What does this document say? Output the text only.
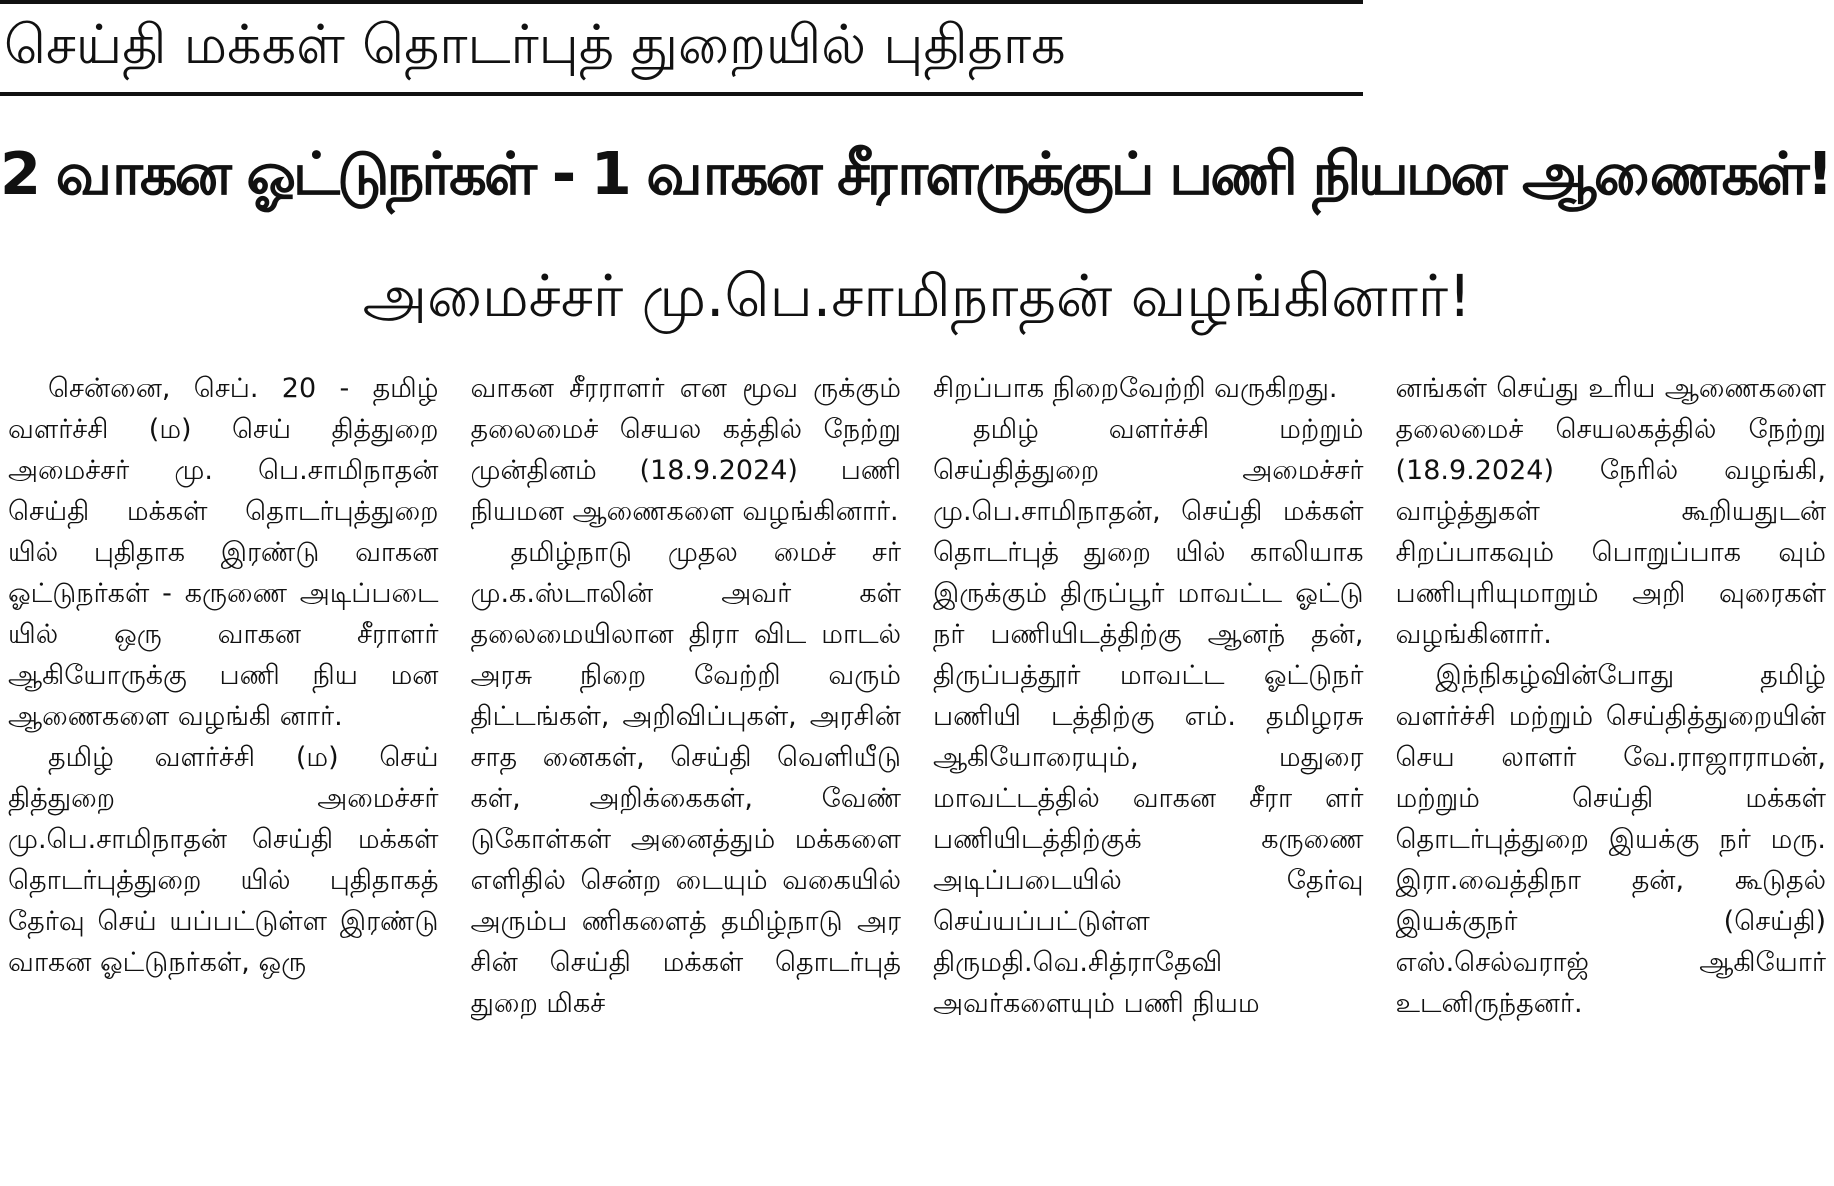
செய்தி மக்கள் தொடர்புத் துறையில் புதிதாக
2 வாகன ஓட்டுநர்கள் - 1 வாகன சீராளருக்குப் பணி நியமன ஆணைகள்!
அமைச்சர் மு.பெ.சாமிநாதன் வழங்கினார்!

சென்னை, செப். 20 - தமிழ் வளர்ச்சி (ம) செய் தித்துறை அமைச்சர் மு. பெ.சாமிநாதன் செய்தி மக்கள் தொடர்புத்துறை யில் புதிதாக இரண்டு வாகன ஓட்டுநர்கள் - கருணை அடிப்படை யில் ஒரு வாகன சீராளர் ஆகியோருக்கு பணி நிய மன ஆணைகளை வழங்கி னார்.

தமிழ் வளர்ச்சி (ம) செய் தித்துறை அமைச்சர் மு.பெ.சாமிநாதன் செய்தி மக்கள் தொடர்புத்துறை யில் புதிதாகத் தேர்வு செய் யப்பட்டுள்ள இரண்டு வாகன ஓட்டுநர்கள், ஒரு

வாகன சீரராளர் என மூவ ருக்கும் தலைமைச் செயல கத்தில் நேற்று முன்தினம் (18.9.2024) பணி நியமன ஆணைகளை வழங்கினார்.

தமிழ்நாடு முதல மைச் சர் மு.க.ஸ்டாலின் அவர் கள் தலைமையிலான திரா விட மாடல் அரசு நிறை வேற்றி வரும் திட்டங்கள், அறிவிப்புகள், அரசின் சாத னைகள், செய்தி வெளியீடு கள், அறிக்கைகள், வேண் டுகோள்கள் அனைத்தும் மக்களை எளிதில் சென்ற டையும் வகையில் அரும்ப ணிகளைத் தமிழ்நாடு அர சின் செய்தி மக்கள் தொடர்புத் துறை மிகச்

சிறப்பாக நிறைவேற்றி வருகிறது.

தமிழ் வளர்ச்சி மற்றும் செய்தித்துறை அமைச்சர் மு.பெ.சாமிநாதன், செய்தி மக்கள் தொடர்புத் துறை யில் காலியாக இருக்கும் திருப்பூர் மாவட்ட ஓட்டு நர் பணியிடத்திற்கு ஆனந் தன், திருப்பத்தூர் மாவட்ட ஓட்டுநர் பணியி டத்திற்கு எம். தமிழரசு ஆகியோரையும், மதுரை மாவட்டத்தில் வாகன சீரா ளர் பணியிடத்திற்குக் கருணை அடிப்படையில் தேர்வு செய்யப்பட்டுள்ள திருமதி.வெ.சித்ராதேவி அவர்களையும் பணி நியம

னங்கள் செய்து உரிய ஆணைகளை தலைமைச் செயலகத்தில் நேற்று (18.9.2024) நேரில் வழங்கி, வாழ்த்துகள் கூறியதுடன் சிறப்பாகவும் பொறுப்பாக வும் பணிபுரியுமாறும் அறி வுரைகள் வழங்கினார்.

இந்நிகழ்வின்போது தமிழ் வளர்ச்சி மற்றும் செய்தித்துறையின் செய லாளர் வே.ராஜாராமன், மற்றும் செய்தி மக்கள் தொடர்புத்துறை இயக்கு நர் மரு. இரா.வைத்திநா தன், கூடுதல் இயக்குநர் (செய்தி) எஸ்.செல்வராஜ் ஆகியோர் உடனிருந்தனர்.
